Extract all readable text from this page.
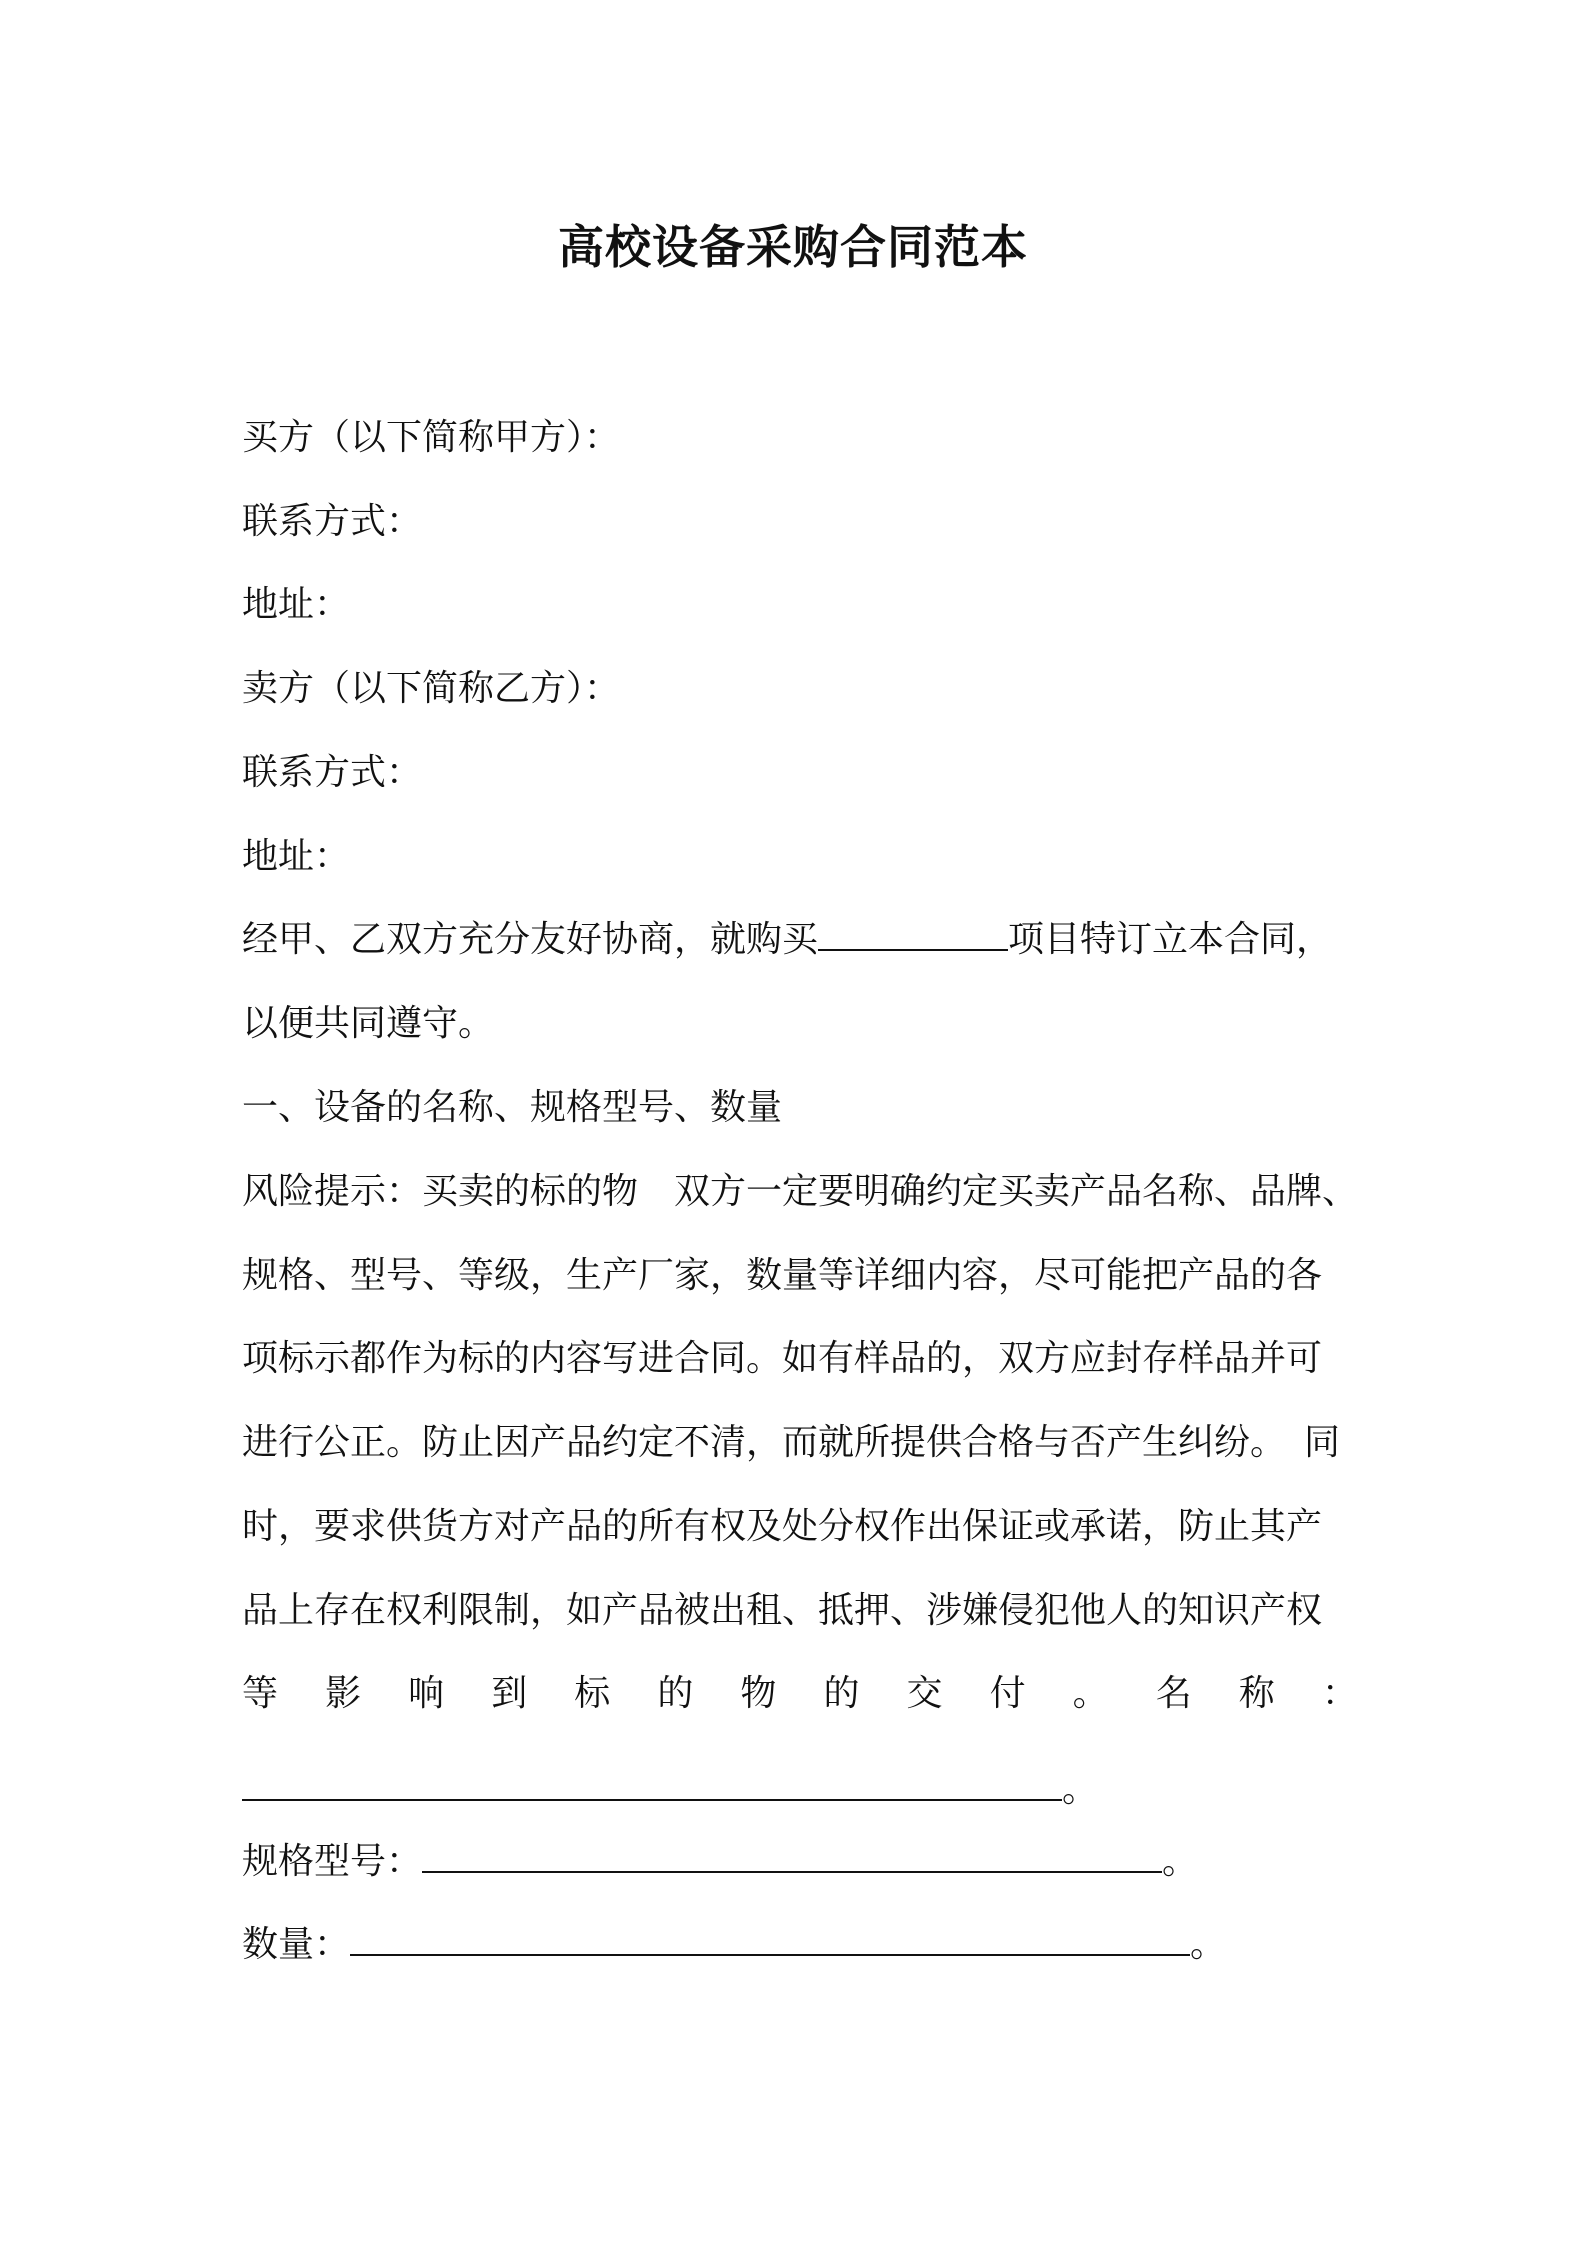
高校设备采购合同范本
买方（以下简称甲方）：
联系方式：
地址：
卖方（以下简称乙方）：
联系方式：
地址：
经甲、乙双方充分友好协商，就购买	项目特订立本合同，
以便共同遵守。
一、设备的名称、规格型号、数量
风险提示：买卖的标的物　双方一定要明确约定买卖产品名称、品牌、
规格、型号、等级，生产厂家，数量等详细内容，尽可能把产品的各
项标示都作为标的内容写进合同。如有样品的，双方应封存样品并可
进行公正。防止因产品约定不清，而就所提供合格与否产生纠纷。　同
时，要求供货方对产品的所有权及处分权作出保证或承诺，防止其产
品上存在权利限制，如产品被出租、抵押、涉嫌侵犯他人的知识产权
等 影 响 到 标 的 物 的 交 付 。 名 称 ：
。
规格型号：	。
数量：	。
